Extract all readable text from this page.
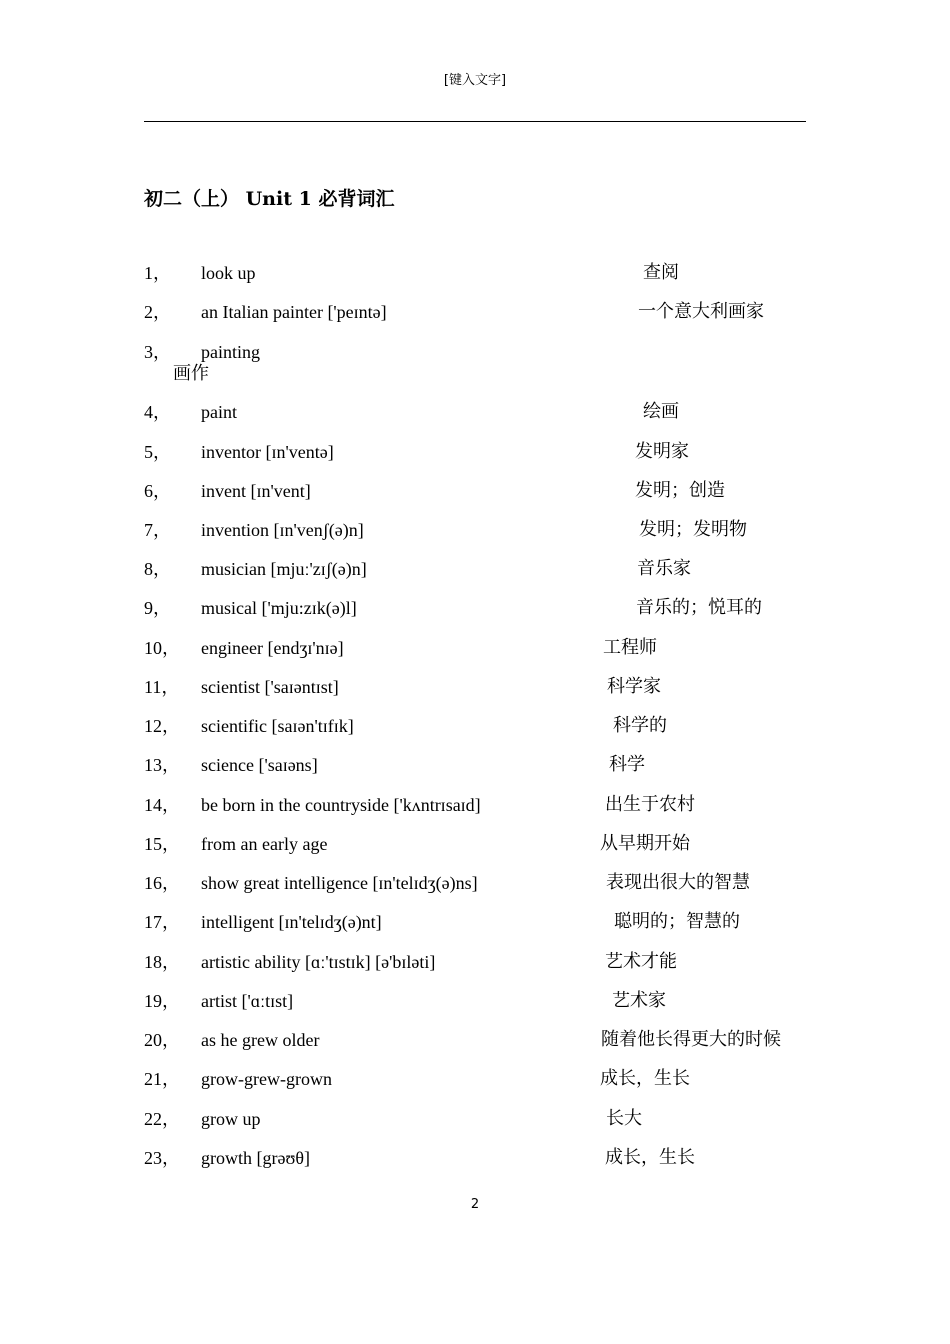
[键入文字]
初二（上） Unit 1 必背词汇
1， look up	查阅
2， an Italian painter ['peɪntə]	一个意大利画家
3， painting
画作
4， paint	绘画
5， inventor [ɪn'ventə]	发明家
6， invent [ɪn'vent]	发明；创造
7， invention [ɪn'venʃ(ə)n]	发明；发明物
8， musician [mjuː'zɪʃ(ə)n]	音乐家
9， musical ['mju:zɪk(ə)l]	音乐的；悦耳的
10， engineer [endʒɪ'nɪə]	工程师
11， scientist ['saɪəntɪst]	科学家
12， scientific [saɪən'tɪfɪk]	科学的
13， science ['saɪəns]	科学
14， be born in the countryside ['kʌntrɪsaɪd]	出生于农村
15， from an early age	从早期开始
16， show great intelligence [ɪn'telɪdʒ(ə)ns]	表现出很大的智慧
17， intelligent [ɪn'telɪdʒ(ə)nt]	聪明的；智慧的
18， artistic ability [ɑː'tɪstɪk] [ə'bɪləti]	艺术才能
19， artist ['ɑːtɪst]	艺术家
20， as he grew older	随着他长得更大的时候
21， grow-grew-grown	成长，生长
22， grow up	长大
23， growth [grəʊθ]	成长，生长
2
